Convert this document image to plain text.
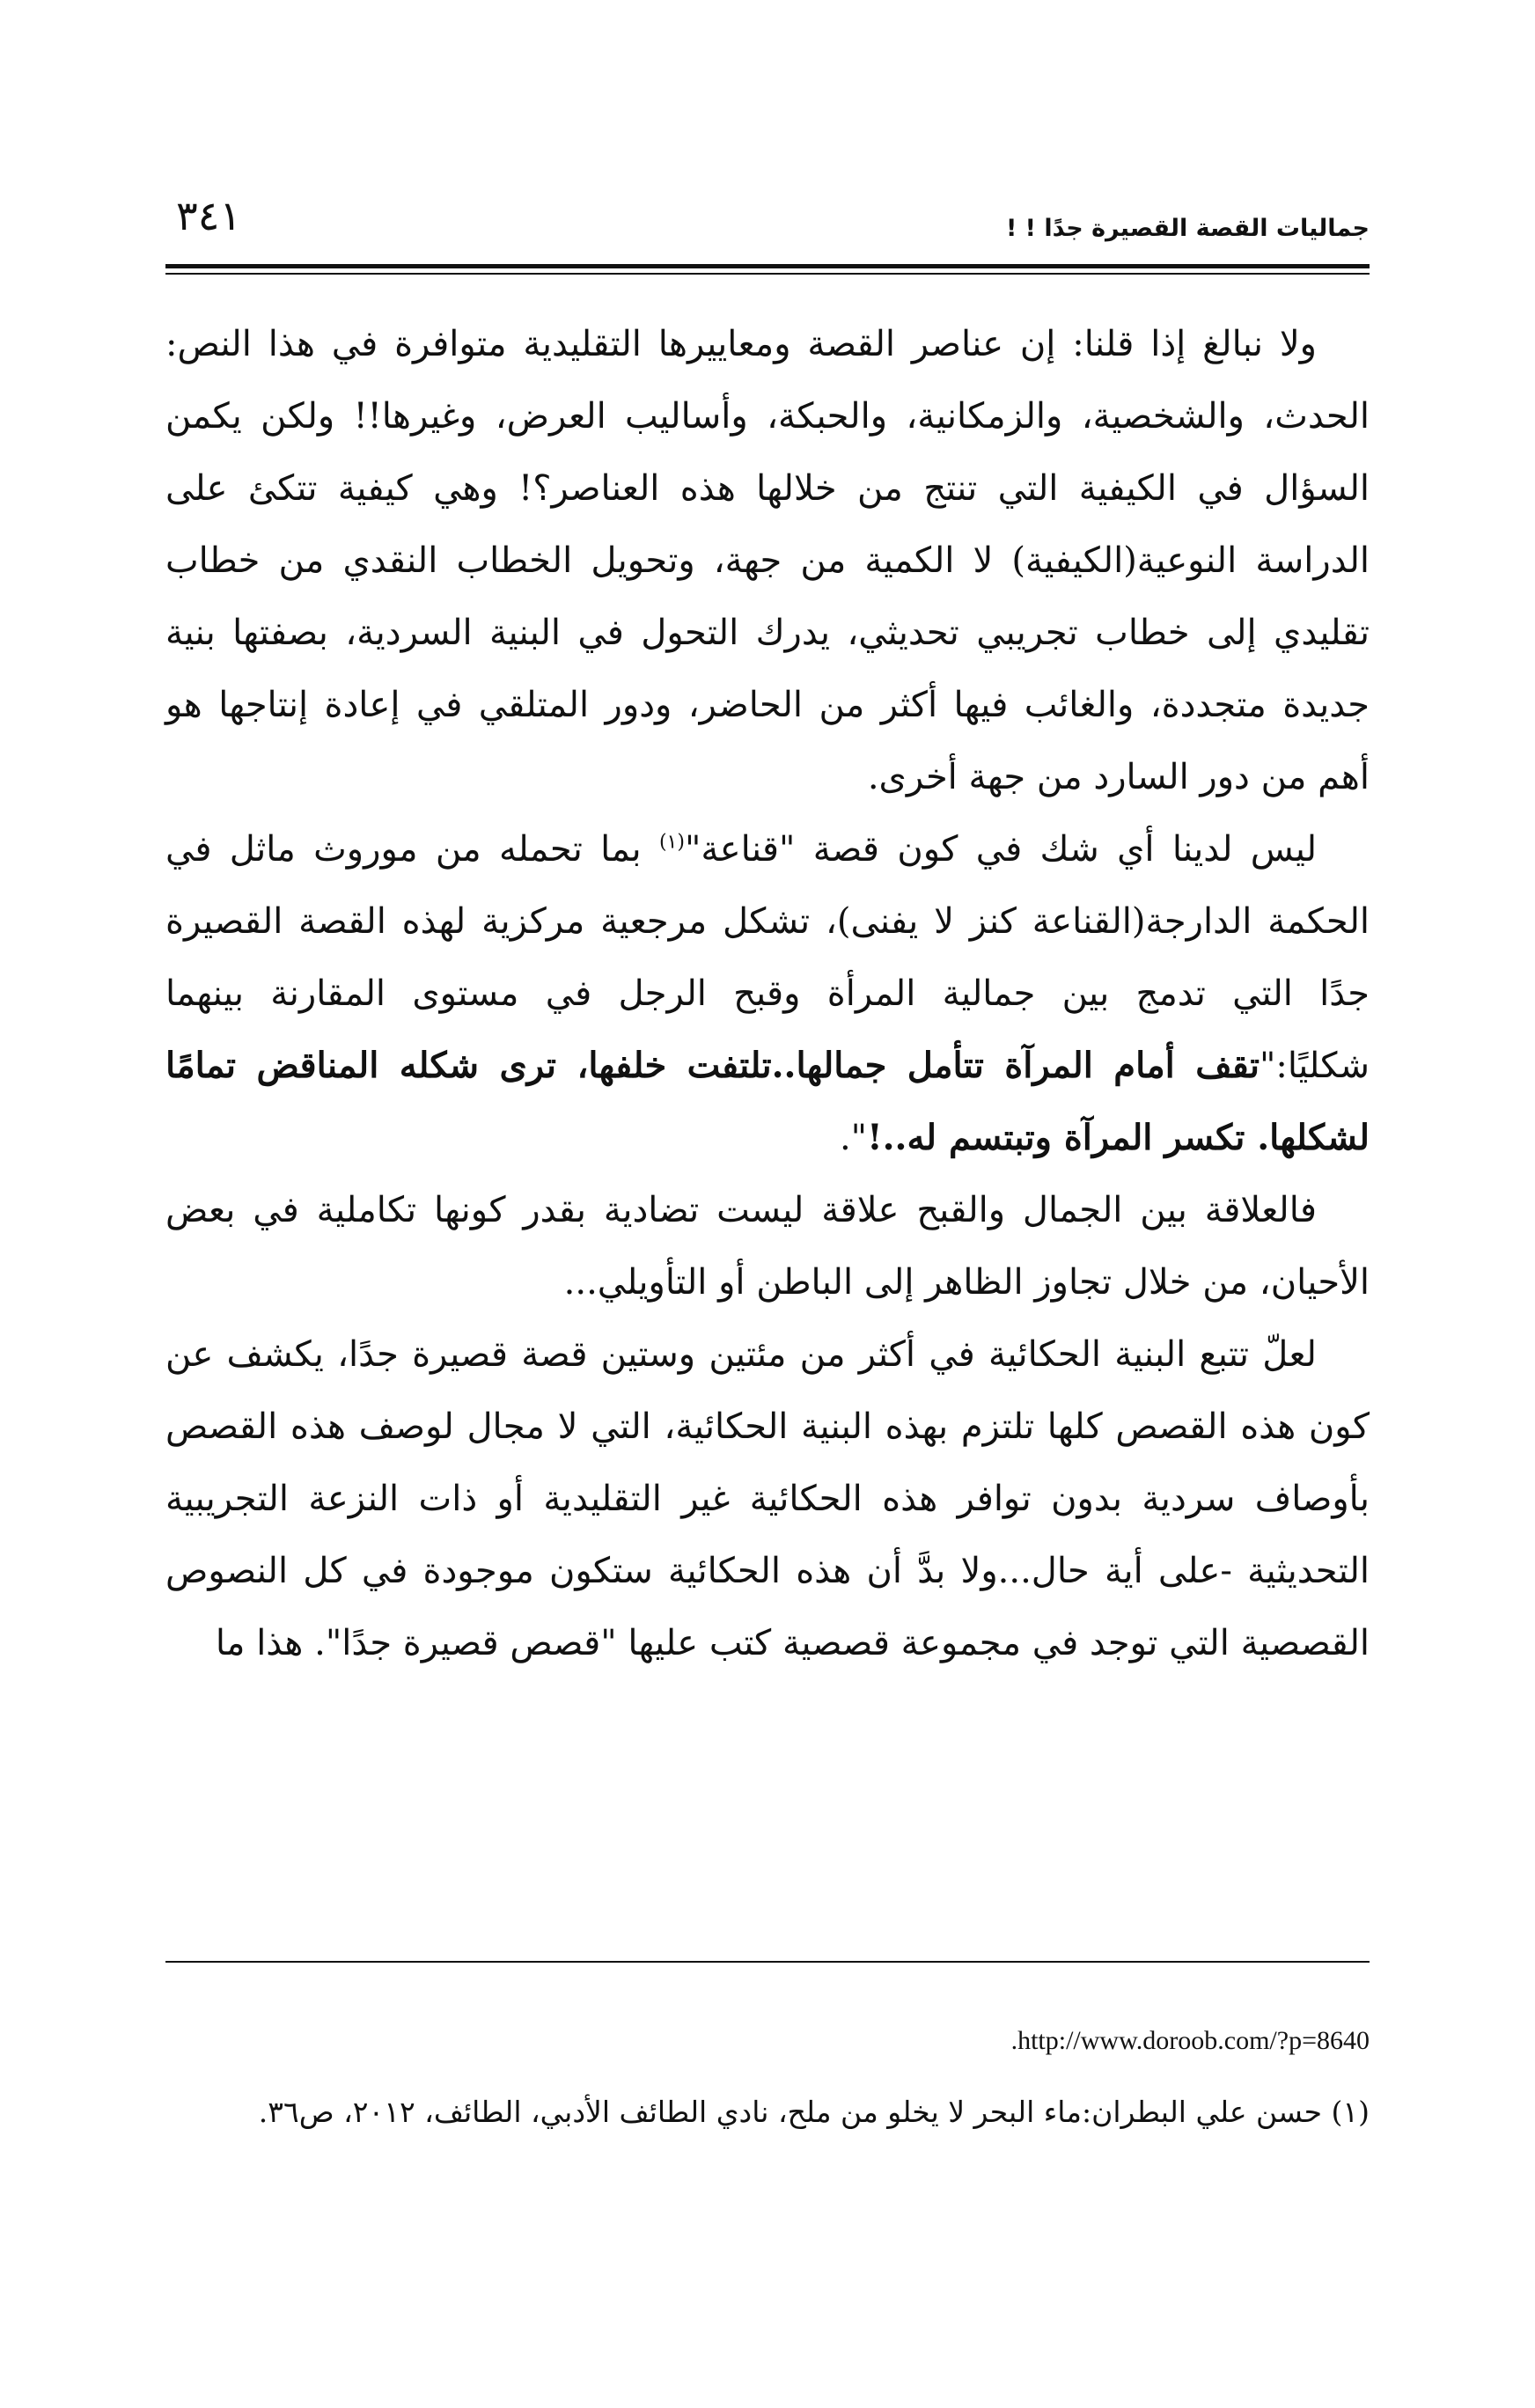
٣٤١	جماليات القصة القصيرة جدًا ! !

ولا نبالغ إذا قلنا: إن عناصر القصة ومعاييرها التقليدية متوافرة في هذا النص: الحدث، والشخصية، والزمكانية، والحبكة، وأساليب العرض، وغيرها!! ولكن يكمن السؤال في الكيفية التي تنتج من خلالها هذه العناصر؟! وهي كيفية تتكئ على الدراسة النوعية(الكيفية) لا الكمية من جهة، وتحويل الخطاب النقدي من خطاب تقليدي إلى خطاب تجريبي تحديثي، يدرك التحول في البنية السردية، بصفتها بنية جديدة متجددة، والغائب فيها أكثر من الحاضر، ودور المتلقي في إعادة إنتاجها هو أهم من دور السارد من جهة أخرى.

ليس لدينا أي شك في كون قصة "قناعة"$^{(١)}$ بما تحمله من موروث ماثل في الحكمة الدارجة(القناعة كنز لا يفنى)، تشكل مرجعية مركزية لهذه القصة القصيرة جدًا التي تدمج بين جمالية المرأة وقبح الرجل في مستوى المقارنة بينهما شكليًا:"تقف أمام المرآة تتأمل جمالها..تلتفت خلفها، ترى شكله المناقض تمامًا لشكلها. تكسر المرآة وتبتسم له..!".

فالعلاقة بين الجمال والقبح علاقة ليست تضادية بقدر كونها تكاملية في بعض الأحيان، من خلال تجاوز الظاهر إلى الباطن أو التأويلي...

لعلّ تتبع البنية الحكائية في أكثر من مئتين وستين قصة قصيرة جدًا، يكشف عن كون هذه القصص كلها تلتزم بهذه البنية الحكائية، التي لا مجال لوصف هذه القصص بأوصاف سردية بدون توافر هذه الحكائية غير التقليدية أو ذات النزعة التجريبية التحديثية -على أية حال...ولا بدَّ أن هذه الحكائية ستكون موجودة في كل النصوص القصصية التي توجد في مجموعة قصصية كتب عليها "قصص قصيرة جدًا". هذا ما

.http://www.doroob.com/?p=8640
(١) حسن علي البطران:ماء البحر لا يخلو من ملح، نادي الطائف الأدبي، الطائف، ٢٠١٢، ص٣٦.
